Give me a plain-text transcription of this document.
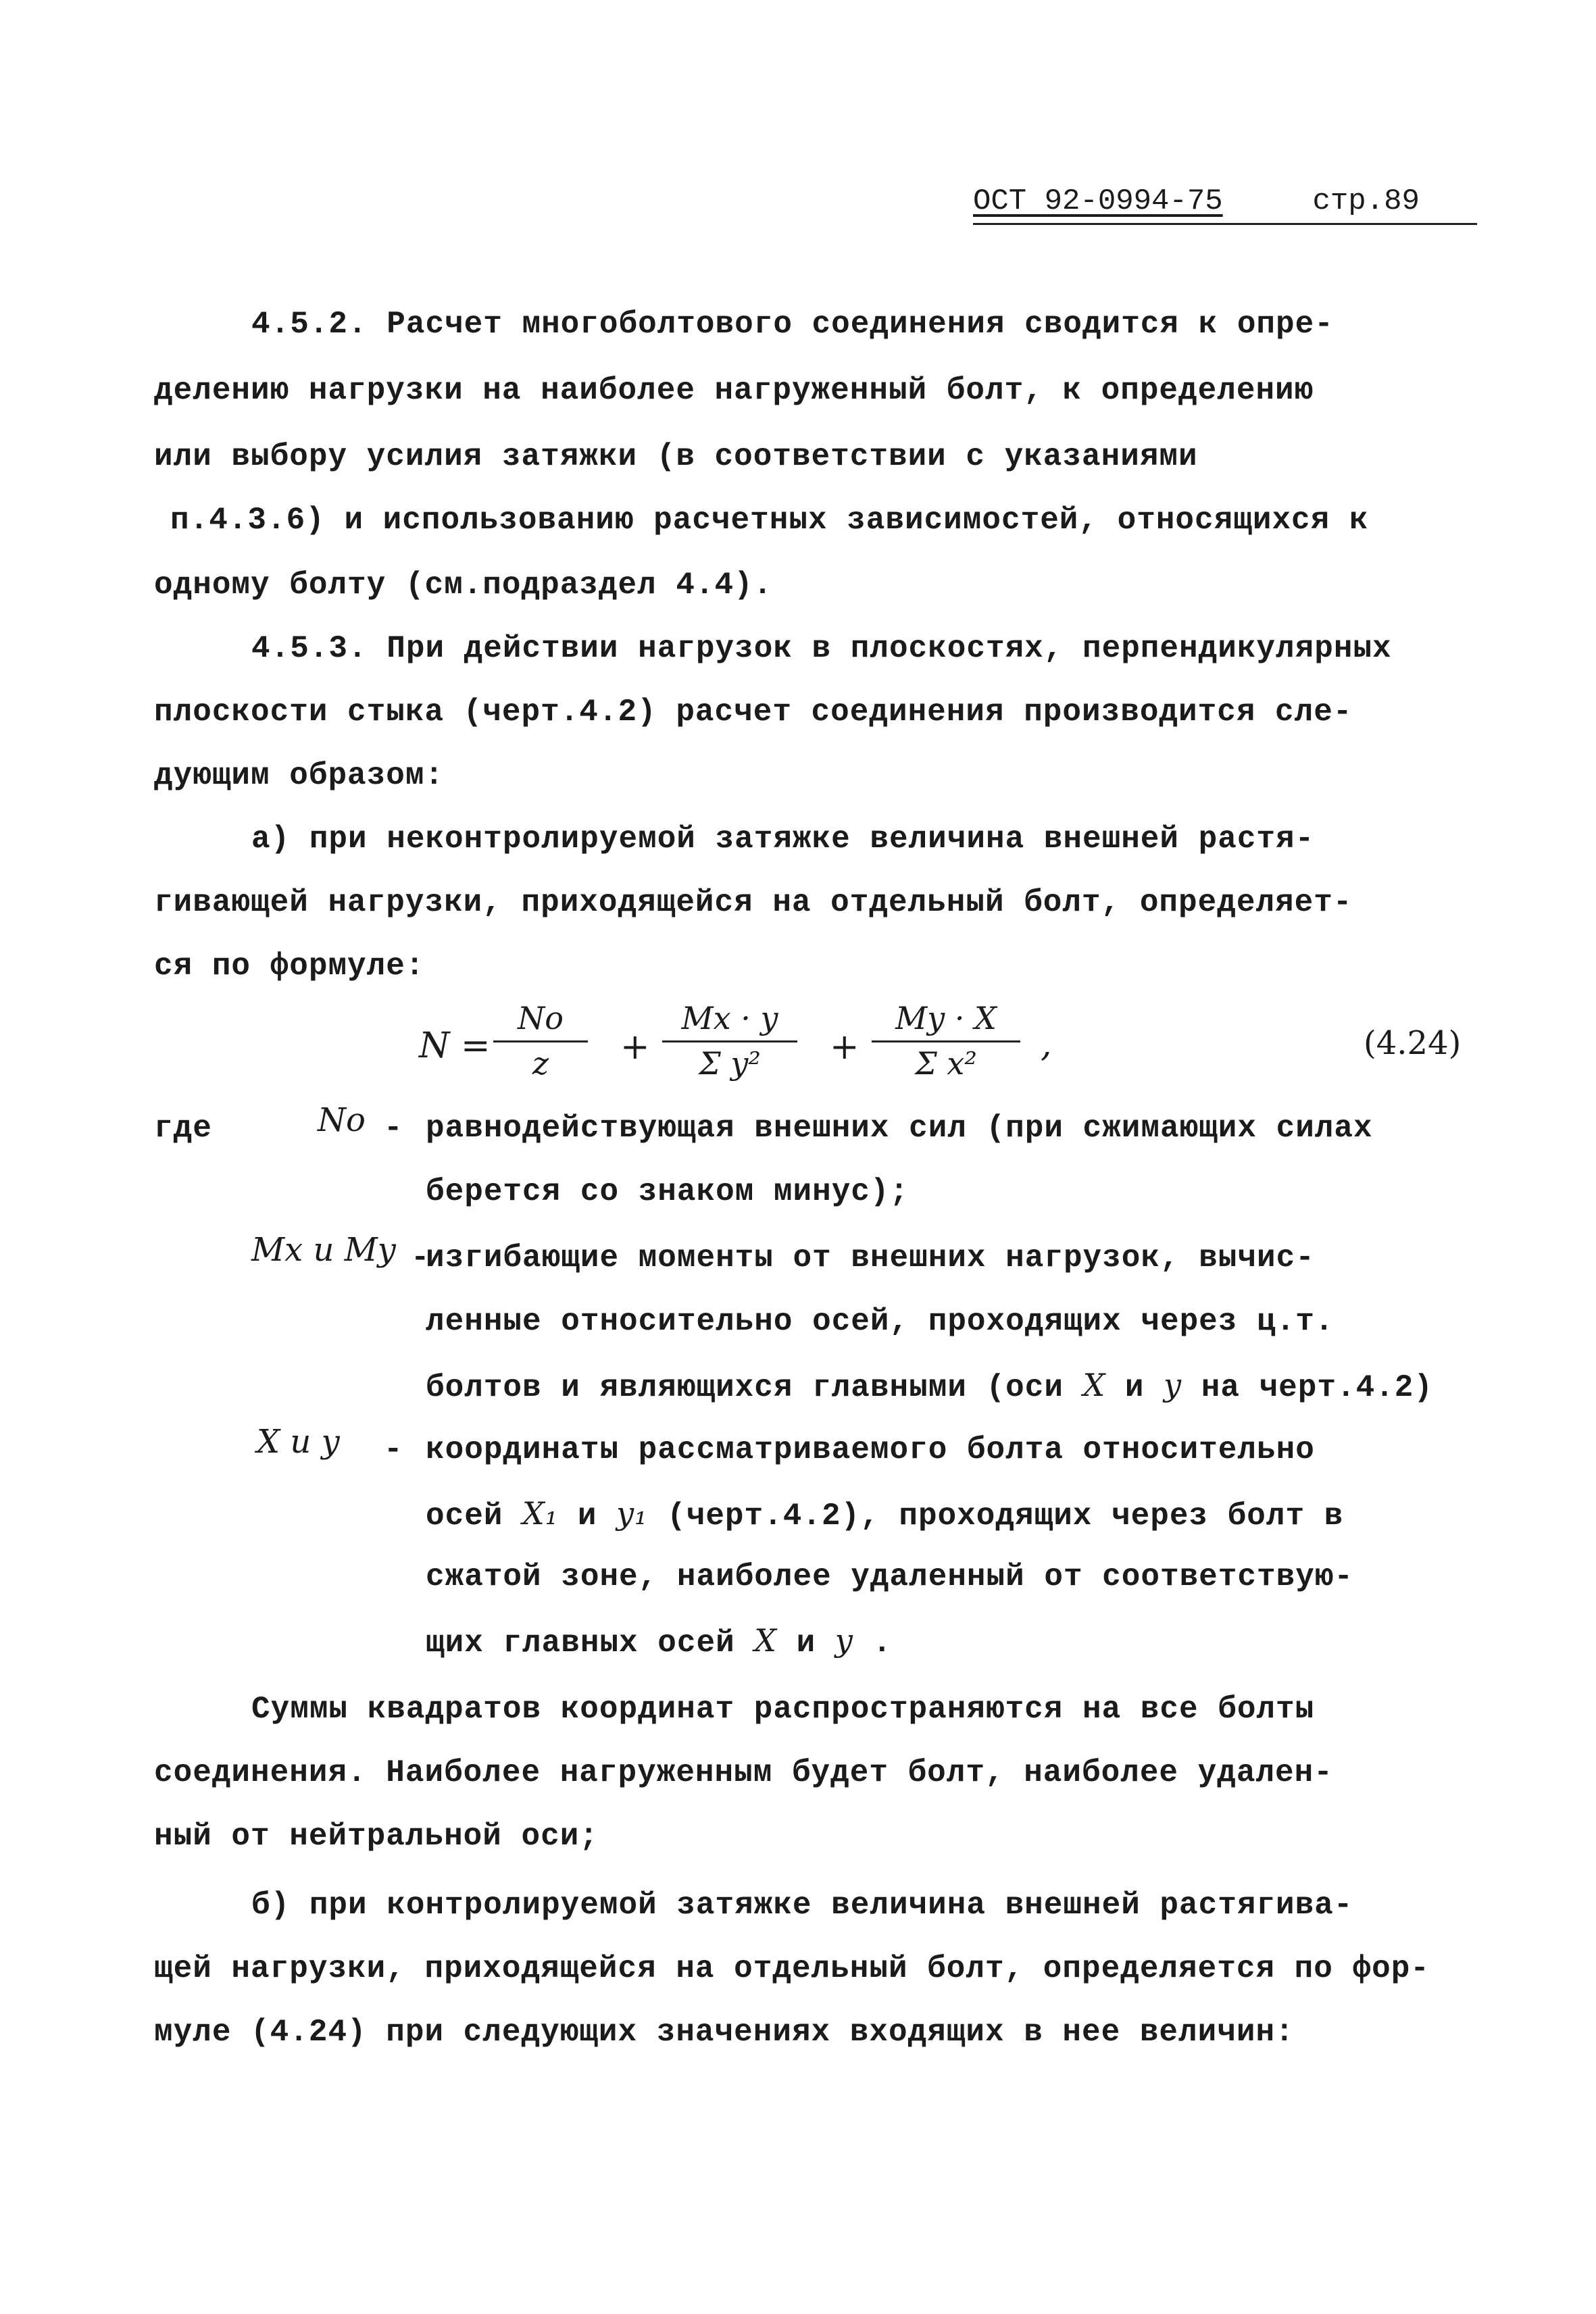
ОСТ 92-0994-75	стр.89
4.5.2. Расчет многоболтового соединения сводится к опре-
делению нагрузки на наиболее нагруженный болт, к определению
или выбору усилия затяжки (в соответствии с указаниями
п.4.3.6) и использованию расчетных зависимостей, относящихся к
одному болту (см.подраздел 4.4).
4.5.3. При действии нагрузок в плоскостях, перпендикулярных
плоскости стыка (черт.4.2) расчет соединения производится сле-
дующим образом:
а) при неконтролируемой затяжке величина внешней растя-
гивающей нагрузки, приходящейся на отдельный болт, определяет-
ся по формуле:
$N = \frac{No}{z} + \frac{Mx \cdot y}{\text{Σ y²}} + \frac{My \cdot X}{\text{Σ x²}}$ ,	(4.24)
где	No - равнодействующая внешних сил (при сжимающих силах
берется со знаком минус);
Mx и My -
изгибающие моменты от внешних нагрузок, вычис-
ленные относительно осей, проходящих через ц.т.
болтов и являющихся главными (оси X и y на черт.4.2)
X и y - координаты рассматриваемого болта относительно
осей X₁ и y₁ (черт.4.2), проходящих через болт в
сжатой зоне, наиболее удаленный от соответствую-
щих главных осей X и y .
Суммы квадратов координат распространяются на все болты
соединения. Наиболее нагруженным будет болт, наиболее удален-
ный от нейтральной оси;
б) при контролируемой затяжке величина внешней растягива-
щей нагрузки, приходящейся на отдельный болт, определяется по фор-
муле (4.24) при следующих значениях входящих в нее величин:
